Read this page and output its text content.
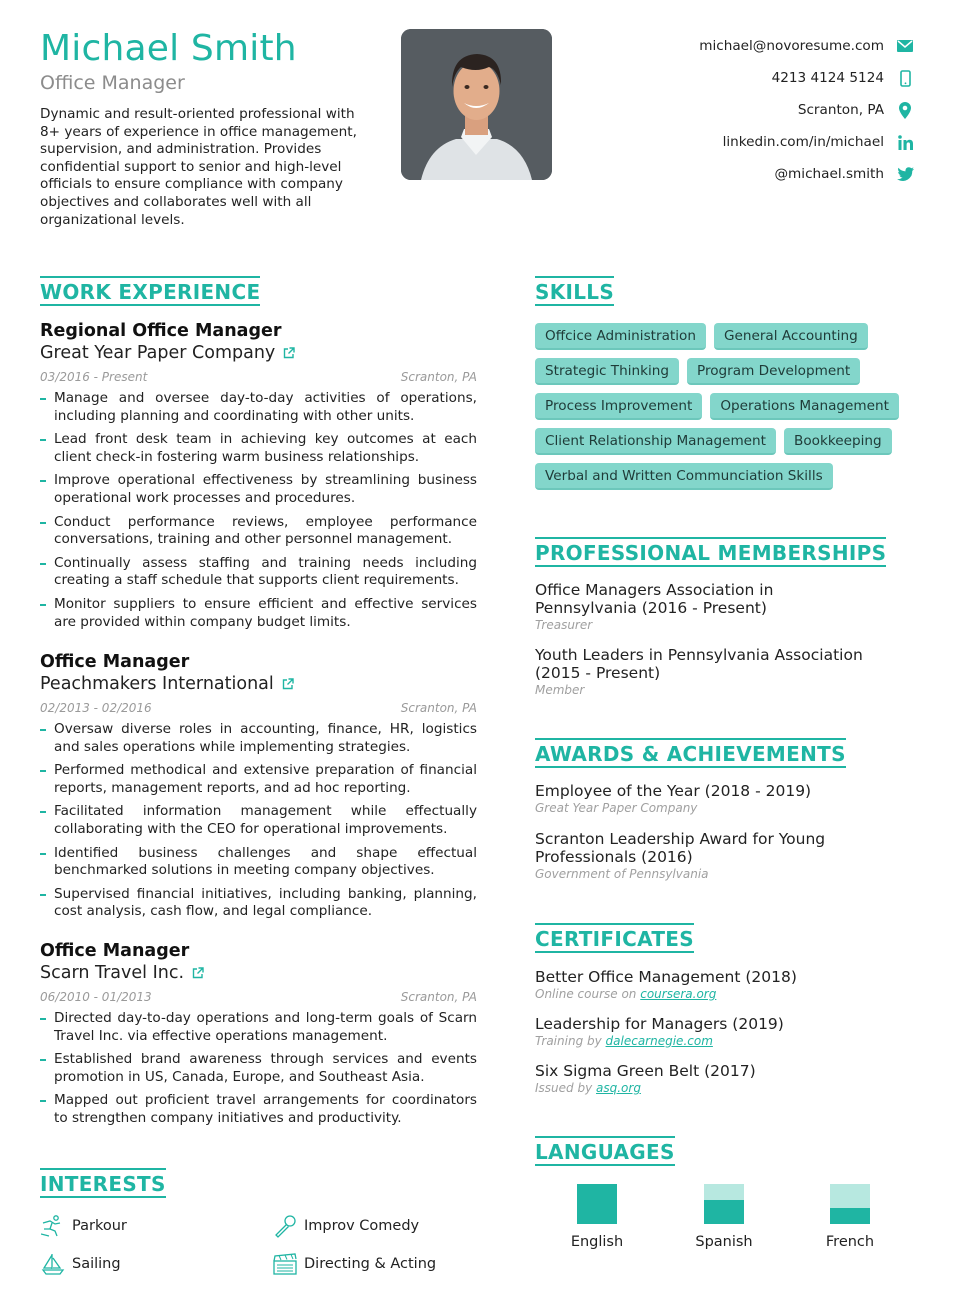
Michael Smith
Office Manager
Dynamic and result-oriented professional with 8+ years of experience in office management, supervision, and administration. Provides confidential support to senior and high-level officials to ensure compliance with company objectives and collaborates well with all organizational levels.
michael@novoresume.com
4213 4124 5124
Scranton, PA
linkedin.com/in/michael
@michael.smith
WORK EXPERIENCE
Regional Office Manager
Great Year Paper Company
03/2016 - Present	Scranton, PA
Manage and oversee day-to-day activities of operations, including planning and coordinating with other units.
Lead front desk team in achieving key outcomes at each client check-in fostering warm business relationships.
Improve operational effectiveness by streamlining business operational work processes and procedures.
Conduct performance reviews, employee performance conversations, training and other personnel management.
Continually assess staffing and training needs including creating a staff schedule that supports client requirements.
Monitor suppliers to ensure efficient and effective services are provided within company budget limits.
Office Manager
Peachmakers International
02/2013 - 02/2016	Scranton, PA
Oversaw diverse roles in accounting, finance, HR, logistics and sales operations while implementing strategies.
Performed methodical and extensive preparation of financial reports, management reports, and ad hoc reporting.
Facilitated information management while effectually collaborating with the CEO for operational improvements.
Identified business challenges and shape effectual benchmarked solutions in meeting company objectives.
Supervised financial initiatives, including banking, planning, cost analysis, cash flow, and legal compliance.
Office Manager
Scarn Travel Inc.
06/2010 - 01/2013	Scranton, PA
Directed day-to-day operations and long-term goals of Scarn Travel Inc. via effective operations management.
Established brand awareness through services and events promotion in US, Canada, Europe, and Southeast Asia.
Mapped out proficient travel arrangements for coordinators to strengthen company initiatives and productivity.
INTERESTS
Parkour	Improv Comedy
Sailing	Directing & Acting
SKILLS
Offcice Administration	General Accounting
Strategic Thinking	Program Development
Process Improvement	Operations Management
Client Relationship Management	Bookkeeping
Verbal and Written Communciation Skills
PROFESSIONAL MEMBERSHIPS
Office Managers Association in Pennsylvania (2016 - Present)
Treasurer
Youth Leaders in Pennsylvania Association (2015 - Present)
Member
AWARDS & ACHIEVEMENTS
Employee of the Year (2018 - 2019)
Great Year Paper Company
Scranton Leadership Award for Young Professionals (2016)
Government of Pennsylvania
CERTIFICATES
Better Office Management (2018)
Online course on coursera.org
Leadership for Managers (2019)
Training by dalecarnegie.com
Six Sigma Green Belt (2017)
Issued by asq.org
LANGUAGES
English	Spanish	French
